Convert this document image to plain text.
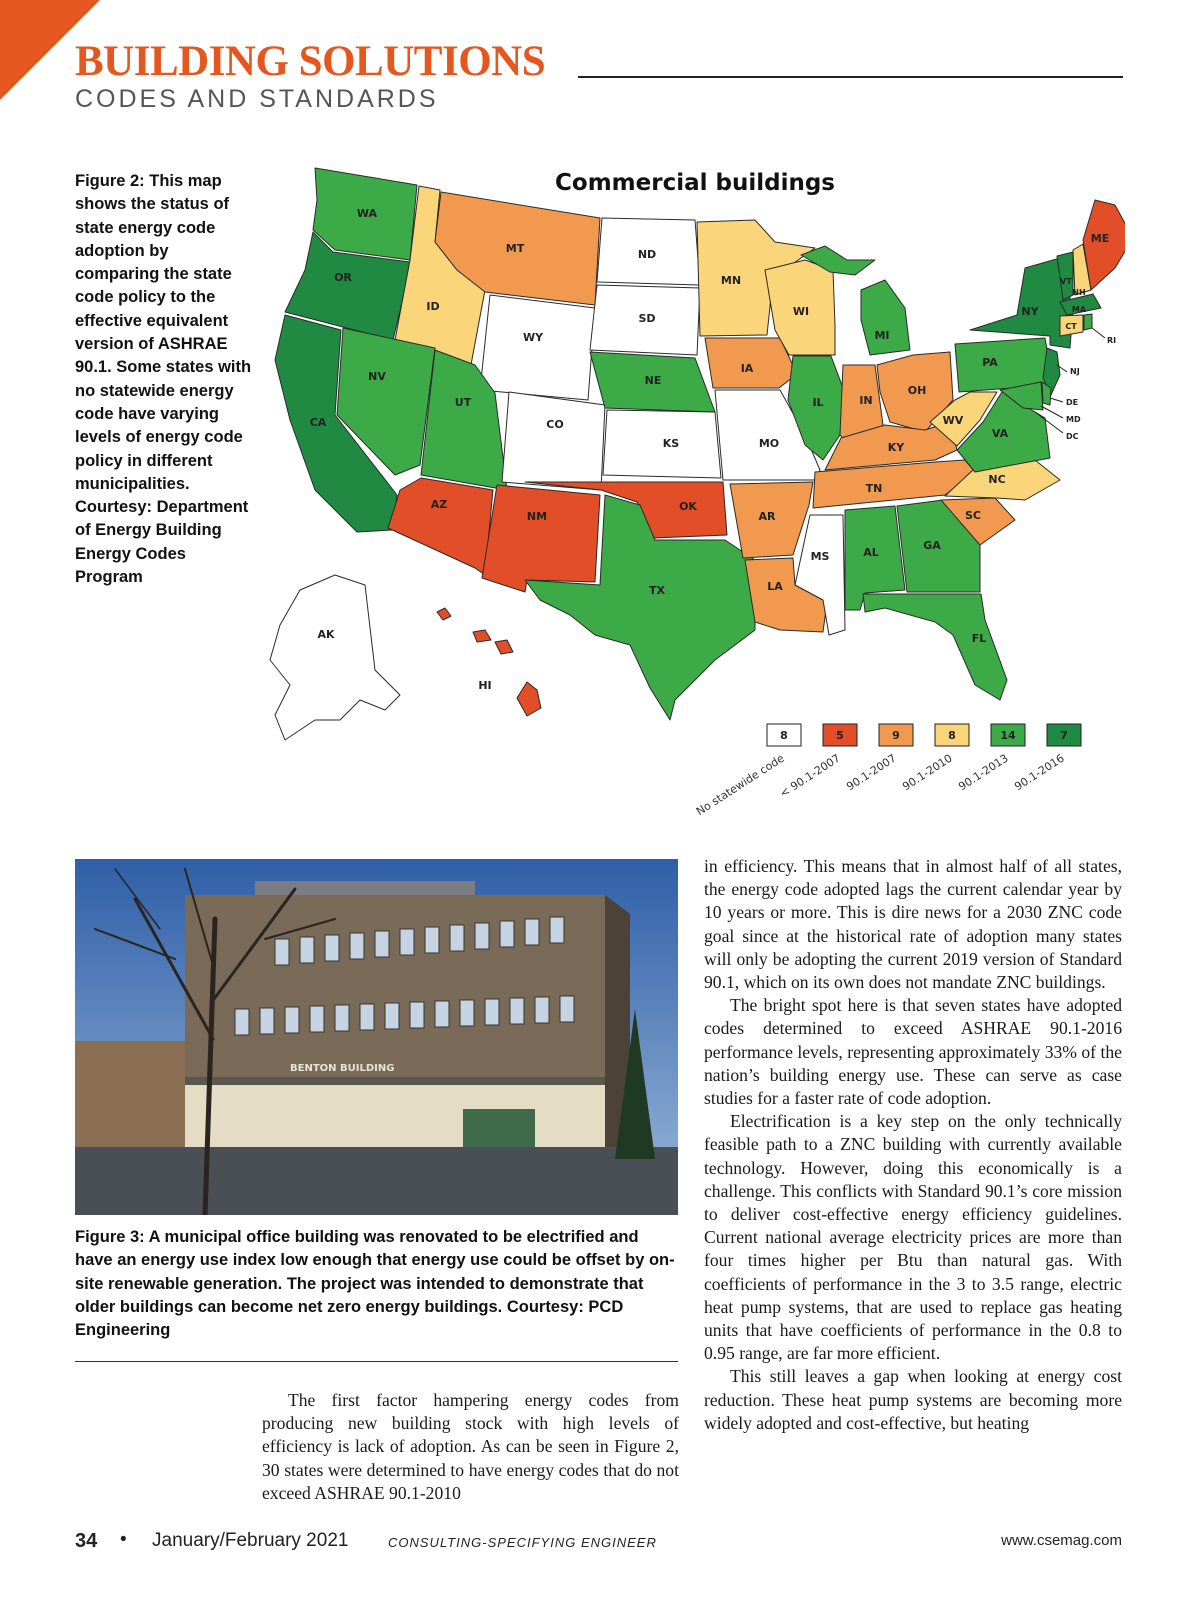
BUILDING SOLUTIONS
CODES AND STANDARDS
Figure 2: This map shows the status of state energy code adoption by comparing the state code policy to the effective equivalent version of ASHRAE 90.1. Some states with no statewide energy code have varying levels of energy code policy in different municipalities. Courtesy: Department of Energy Building Energy Codes Program
Commercial buildings
WA
OR
CA
ID
NV
MT
WY
UT
AZ
CO
NM
ND
SD
NE
KS
OK
TX
MN
IA
MO
AR
LA
WI
IL
MS
MI
IN
OH
KY
TN
AL
GA
FL
SC
NC
WV
VA
PA
NY
ME
AK
HI
VT
NH
MA
CT
RI
NJ
DE
MD
DC
8
No statewide code
5
< 90.1-2007
9
90.1-2007
8
90.1-2010
14
90.1-2013
7
90.1-2016
BENTON BUILDING
Figure 3: A municipal office building was renovated to be electrified and have an energy use index low enough that energy use could be offset by on-site renewable generation. The project was intended to demonstrate that older buildings can become net zero energy buildings. Courtesy: PCD Engineering

The first factor hampering energy codes from producing new building stock with high levels of efficiency is lack of adoption. As can be seen in Figure 2, 30 states were determined to have energy codes that do not exceed ASHRAE 90.1-2010

in efficiency. This means that in almost half of all states, the energy code adopted lags the current calendar year by 10 years or more. This is dire news for a 2030 ZNC code goal since at the historical rate of adoption many states will only be adopting the current 2019 version of Standard 90.1, which on its own does not mandate ZNC buildings.

The bright spot here is that seven states have adopted codes determined to exceed ASHRAE 90.1-2016 performance levels, representing approximately 33% of the nation’s building energy use. These can serve as case studies for a faster rate of code adoption.

Electrification is a key step on the only technically feasible path to a ZNC building with currently available technology. However, doing this economically is a challenge. This conflicts with Standard 90.1’s core mission to deliver cost-effective energy efficiency guidelines. Current national average electricity prices are more than four times higher per Btu than natural gas. With coefficients of performance in the 3 to 3.5 range, electric heat pump systems, that are used to replace gas heating units that have coefficients of performance in the 0.8 to 0.95 range, are far more efficient.

This still leaves a gap when looking at energy cost reduction. These heat pump systems are becoming more widely adopted and cost-effective, but heating

34 • January/February 2021	CONSULTING-SPECIFYING ENGINEER	www.csemag.com
